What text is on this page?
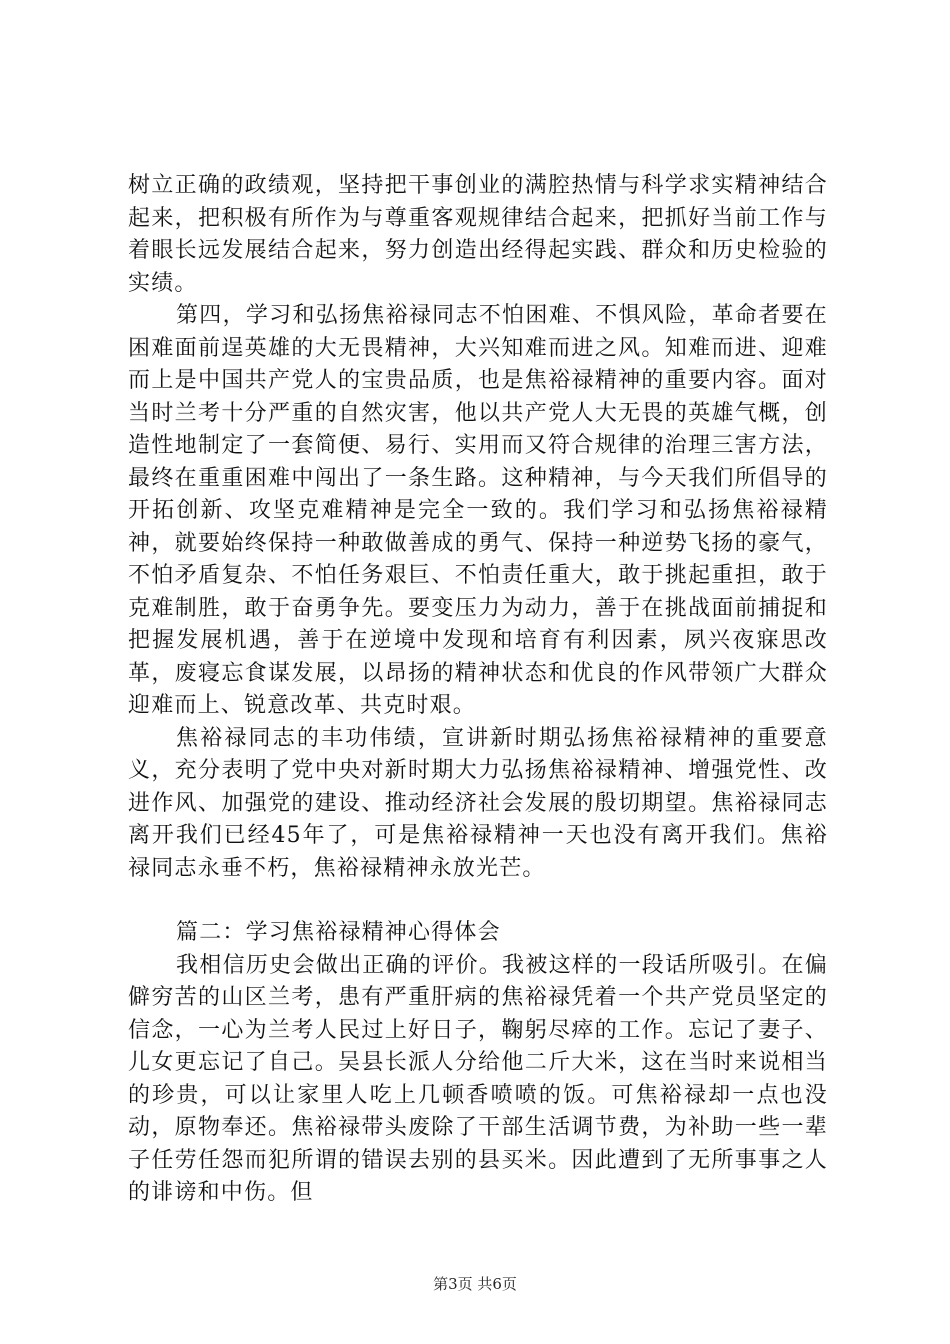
树立正确的政绩观，坚持把干事创业的满腔热情与科学求实精神结合起来，把积极有所作为与尊重客观规律结合起来，把抓好当前工作与着眼长远发展结合起来，努力创造出经得起实践、群众和历史检验的实绩。

第四，学习和弘扬焦裕禄同志不怕困难、不惧风险，革命者要在困难面前逞英雄的大无畏精神，大兴知难而进之风。知难而进、迎难而上是中国共产党人的宝贵品质，也是焦裕禄精神的重要内容。面对当时兰考十分严重的自然灾害，他以共产党人大无畏的英雄气概，创造性地制定了一套简便、易行、实用而又符合规律的治理三害方法，最终在重重困难中闯出了一条生路。这种精神，与今天我们所倡导的开拓创新、攻坚克难精神是完全一致的。我们学习和弘扬焦裕禄精神，就要始终保持一种敢做善成的勇气、保持一种逆势飞扬的豪气，不怕矛盾复杂、不怕任务艰巨、不怕责任重大，敢于挑起重担，敢于克难制胜，敢于奋勇争先。要变压力为动力，善于在挑战面前捕捉和把握发展机遇，善于在逆境中发现和培育有利因素，夙兴夜寐思改革，废寝忘食谋发展，以昂扬的精神状态和优良的作风带领广大群众迎难而上、锐意改革、共克时艰。

焦裕禄同志的丰功伟绩，宣讲新时期弘扬焦裕禄精神的重要意义，充分表明了党中央对新时期大力弘扬焦裕禄精神、增强党性、改进作风、加强党的建设、推动经济社会发展的殷切期望。焦裕禄同志离开我们已经45年了，可是焦裕禄精神一天也没有离开我们。焦裕禄同志永垂不朽，焦裕禄精神永放光芒。

篇二：学习焦裕禄精神心得体会

我相信历史会做出正确的评价。我被这样的一段话所吸引。在偏僻穷苦的山区兰考，患有严重肝病的焦裕禄凭着一个共产党员坚定的信念，一心为兰考人民过上好日子，鞠躬尽瘁的工作。忘记了妻子、儿女更忘记了自己。吴县长派人分给他二斤大米，这在当时来说相当的珍贵，可以让家里人吃上几顿香喷喷的饭。可焦裕禄却一点也没动，原物奉还。焦裕禄带头废除了干部生活调节费，为补助一些一辈子任劳任怨而犯所谓的错误去别的县买米。因此遭到了无所事事之人的诽谤和中伤。但

第3页 共6页
